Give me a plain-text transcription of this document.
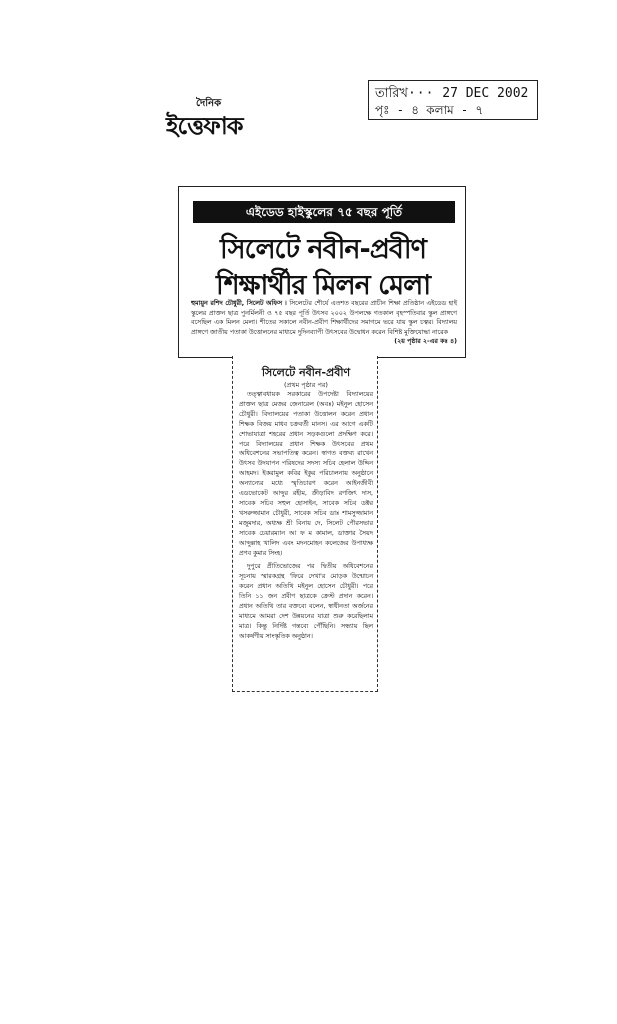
দৈনিক
ইত্তেফাক
তারিখ··· 27 DEC 2002
পৃঃ - ৪ কলাম - ৭
এইডেড হাইস্কুলের ৭৫ বছর পূর্তি
সিলেটে নবীন-প্রবীণ
শিক্ষার্থীর মিলন মেলা
হুমায়ুন রশিদ চৌধুরী, সিলেট অফিস । সিলেটের শৌর্যে এতশত বছরের প্রাচীন শিক্ষা প্রতিষ্ঠান এইডেড হাই স্কুলের প্রাক্তন ছাত্র পুনর্মিলনী ও ৭৫ বছর পূর্তি উৎসব ২০০২ উপলক্ষে গতকাল বৃহস্পতিবার স্কুল প্রাঙ্গণে বসেছিল এক মিলন মেলা। শীতের সকালে নবীন-প্রবীণ শিক্ষার্থীদের সমাগমে ভরে যায় স্কুল চত্বর। বিদ্যালয় প্রাঙ্গণে জাতীয় পতাকা উত্তোলনের মাধ্যমে দুদিনব্যাপী উৎসবের উদ্বোধন করেন বিশিষ্ট মুক্তিযোদ্ধা নারেক
(২য় পৃষ্ঠার ২-এর কঃ ৪)
সিলেটে নবীন-প্রবীণ
(প্রথম পৃষ্ঠার পর)

তত্ত্বাবধায়ক সরকারের উপদেষ্টা বিদ্যালয়ের প্রাক্তন ছাত্র মেজর জেনারেল (অবঃ) মইনুল হোসেন চৌধুরী। বিদ্যালয়ের পতাকা উত্তোলন করেন প্রধান শিক্ষক বিজয় মাধব চক্রবর্তী মানস। এর আগে একটি শোভাযাত্রা শহরের প্রধান সড়কগুলো প্রদক্ষিণ করে। পরে বিদ্যালয়ের প্রধান শিক্ষক উৎসবের প্রথম অধিবেশনের সভাপতিত্ব করেন। স্বাগত বক্তব্য রাখেন উৎসব উদযাপন পরিষদের সদস্য সচিব হেলাল উদ্দিন আহমদ। ইকরামুল কবির ইকুর পরিচালনায় অনুষ্ঠানে অন্যান্যের মধ্যে স্মৃতিচারণ করেন আইনজীবী এডভোকেট আব্দুর রহীম, ক্রীড়াবিদ রণজিৎ দাস, সাবেক সচিব সহুল হোসাইন, সাবেক সচিব ডক্টর খসরুজ্জামান চৌধুরী, সাবেক সচিব ডাঃ শামসুজ্জামান মজুমদার, অধ্যক্ষ শ্রী বিনায় দে, সিলেট পৌরসভার সাবেক চেয়ারম্যান আ ফ ম কামাল, ডাক্তার সৈয়দ আব্দুল্লাহ খালিদ এবং মদনমোহন কলেজের উপাধ্যক্ষ প্রণব কুমার সিংহ।

দুপুরে প্রীতিভোজের পর দ্বিতীয় অধিবেশনের সূচনায় স্মারকগ্রন্থ 'ফিরে দেখা'র মোড়ক উন্মোচন করেন প্রধান অতিথি মইনুল হোসেন চৌধুরী। পরে তিনি ১১ জন প্রবীণ ছাত্রকে ক্রেস্ট প্রদান করেন। প্রধান অতিথি তার বক্তব্যে বলেন, স্বাধীনতা অর্জনের মাধ্যমে আমরা দেশ উন্নয়নের যাত্রা শুরু করেছিলাম মাত্র। কিন্তু নির্দিষ্ট গন্তব্যে পৌঁছিনি। সন্ধ্যায় ছিল আকর্ষণীয় সাংস্কৃতিক অনুষ্ঠান।
